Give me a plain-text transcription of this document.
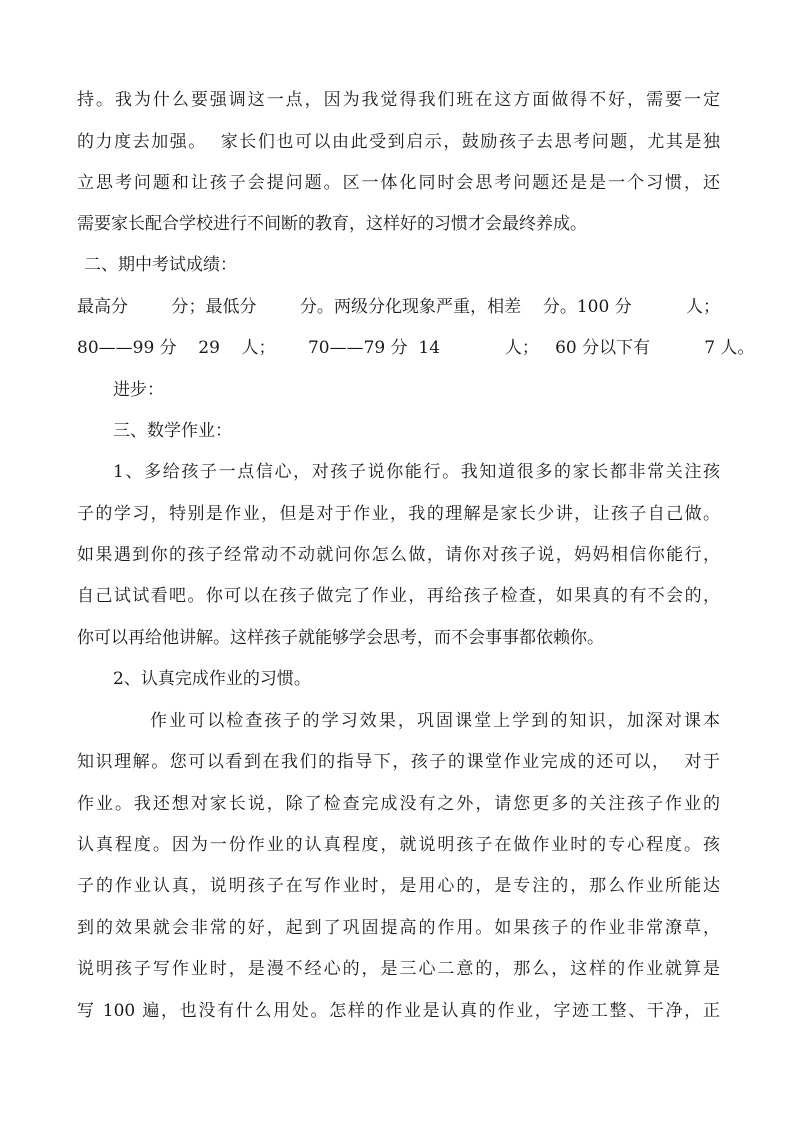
持。我为什么要强调这一点，因为我觉得我们班在这方面做得不好，需要一定
的力度去加强。  家长们也可以由此受到启示，鼓励孩子去思考问题，尤其是独
立思考问题和让孩子会提问题。区一体化同时会思考问题还是是一个习惯，还
需要家长配合学校进行不间断的教育，这样好的习惯才会最终养成。
二、期中考试成绩：
最高分        分；最低分        分。两级分化现象严重，相差    分。100 分          人；
80——99 分    29    人；      70——79 分  14            人；   60 分以下有          7 人。
进步：
三、数学作业：
1、多给孩子一点信心，对孩子说你能行。我知道很多的家长都非常关注孩
子的学习，特别是作业，但是对于作业，我的理解是家长少讲，让孩子自己做。
如果遇到你的孩子经常动不动就问你怎么做，请你对孩子说，妈妈相信你能行，
自己试试看吧。你可以在孩子做完了作业，再给孩子检查，如果真的有不会的，
你可以再给他讲解。这样孩子就能够学会思考，而不会事事都依赖你。
2、认真完成作业的习惯。
作业可以检查孩子的学习效果，巩固课堂上学到的知识，加深对课本
知识理解。您可以看到在我们的指导下，孩子的课堂作业完成的还可以，  对于
作业。我还想对家长说，除了检查完成没有之外，请您更多的关注孩子作业的
认真程度。因为一份作业的认真程度，就说明孩子在做作业时的专心程度。孩
子的作业认真，说明孩子在写作业时，是用心的，是专注的，那么作业所能达
到的效果就会非常的好，起到了巩固提高的作用。如果孩子的作业非常潦草，
说明孩子写作业时，是漫不经心的，是三心二意的，那么，这样的作业就算是
写 100 遍，也没有什么用处。怎样的作业是认真的作业，字迹工整、干净，正
